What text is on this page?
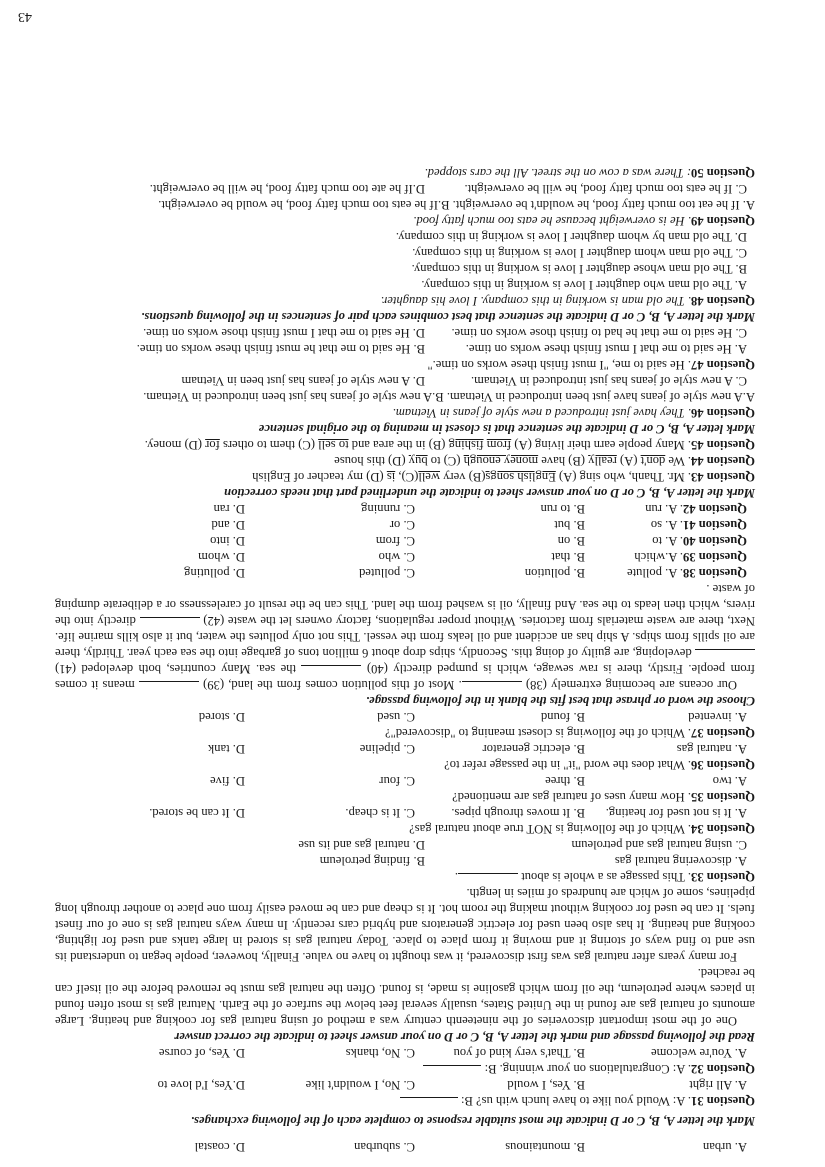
A. urban
B. mountainous
C. suburban
D. coastal
Mark the letter A, B, C or D indicate the most suitable response to complete each of the following exchanges.
Question 31. A: Would you like to have lunch with us? B:
A. All right
B. Yes, I would
C. No, I wouldn't like
D.Yes, I'd love to
Question 32. A: Congratulations on your winning. B:
A. You're welcome
B. That's very kind of you
C. No, thanks
D. Yes, of course
Read the following passage and mark the letter A, B, C or D on your answer sheet to indicate the correct answer
One of the most important discoveries of the nineteenth century was a method of using natural gas for cooking and heating. Large amounts of natural gas are found in the United States, usually several feet below the surface of the Earth. Natural gas is most often found in places where petroleum, the oil from which gasoline is made, is found. Often the natural gas must be removed before the oil itself can be reached.
For many years after natural gas was first discovered, it was thought to have no value. Finally, however, people began to understand its use and to find ways of storing it and moving it from place to place. Today natural gas is stored in large tanks and used for lighting, cooking and heating. It has also been used for electric generators and hybrid cars recently. In many ways natural gas is one of our finest fuels. It can be used for cooking without making the room hot. It is cheap and can be moved easily from one place to another through long pipelines, some of which are hundreds of miles in length.
Question 33. This passage as a whole is about .
A. discovering natural gas
B. finding petroleum
C. using natural gas and petroleum
D. natural gas and its use
Question 34. Which of the following is NOT true about natural gas?
A. It is not used for heating.
B. It moves through pipes.
C. It is cheap.
D. It can be stored.
Question 35. How many uses of natural gas are mentioned?
A. two
B. three
C. four
D. five
Question 36. What does the word "it" in the passage refer to?
A. natural gas
B. electric generator
C. pipeline
D. tank
Question 37. Which of the following is closest meaning to "discovered"?
A. invented
B. found
C. used
D. stored
Choose the word or phrase that best fits the blank in the following passage.
Our oceans are becoming extremely (38) . Most of this pollution comes from the land, (39)  means it comes from people. Firstly, there is raw sewage, which is pumped directly (40)  the sea. Many countries, both developed (41)  developing, are guilty of doing this. Secondly, ships drop about 6 million tons of garbage into the sea each year. Thirdly, there are oil spills from ships. A ship has an accident and oil leaks from the vessel. This not only pollutes the water, but it also kills marine life. Next, there are waste materials from factories. Without proper regulations, factory owners let the waste (42)  directly into the rivers, which then leads to the sea. And finally, oil is washed from the land. This can be the result of carelessness or a deliberate dumping of waste .
Question 38. A. pollute
B. pollution
C. polluted
D. polluting
Question 39. A.which
B. that
C. who
D. whom
Question 40. A. to
B. on
C. from
D. into
Question 41. A. so
B. but
C. or
D. and
Question 42. A. run
B. to run
C. running
D. ran
Mark the letter A, B, C or D on your answer sheet to indicate the underlined part that needs correction
Question 43. Mr. Thanh, who sing (A) English songs(B) very well(C), is (D) my teacher of English
Question 44. We don't (A) really (B) have money enough (C) to buy (D) this house
Question 45. Many people earn their living (A) from fishing (B) in the area and to sell (C) them to others for (D) money.
Mark letter A, B, C or D indicate the sentence that is closest in meaning to the original sentence
Question 46. They have just introduced a new style of jeans in Vietnam.
A.A new style of jeans have just been introduced in Vietnam. B.A new style of jeans has just been introduced in Vietnam.
C. A new style of jeans has just introduced in Vietnam.
D. A new style of jeans has just been in Vietnam
Question 47. He said to me, "I must finish these works on time."
A. He said to me that I must finish these works on time.
B. He said to me that he must finish these works on time.
C. He said to me that he had to finish those works on time.
D. He said to me that I must finish those works on time.
Mark the letter A, B, C or D indicate the sentence that best combines each pair of sentences in the following questions.
Question 48. The old man is working in this company. I love his daughter.
A. The old man who daughter I love is working in this company.
B. The old man whose daughter I love is working in this company.
C. The old man whom daughter I love is working in this company.
D. The old man by whom daughter I love is working in this company.
Question 49. He is overweight because he eats too much fatty food.
A. If he eat too much fatty food, he wouldn't be overweight. B.If he eats too much fatty food, he would be overweight.
C. If he eats too much fatty food, he will be overweight.
D.If he ate too much fatty food, he will be overweight.
Question 50: There was a cow on the street. All the cars stopped.
43
